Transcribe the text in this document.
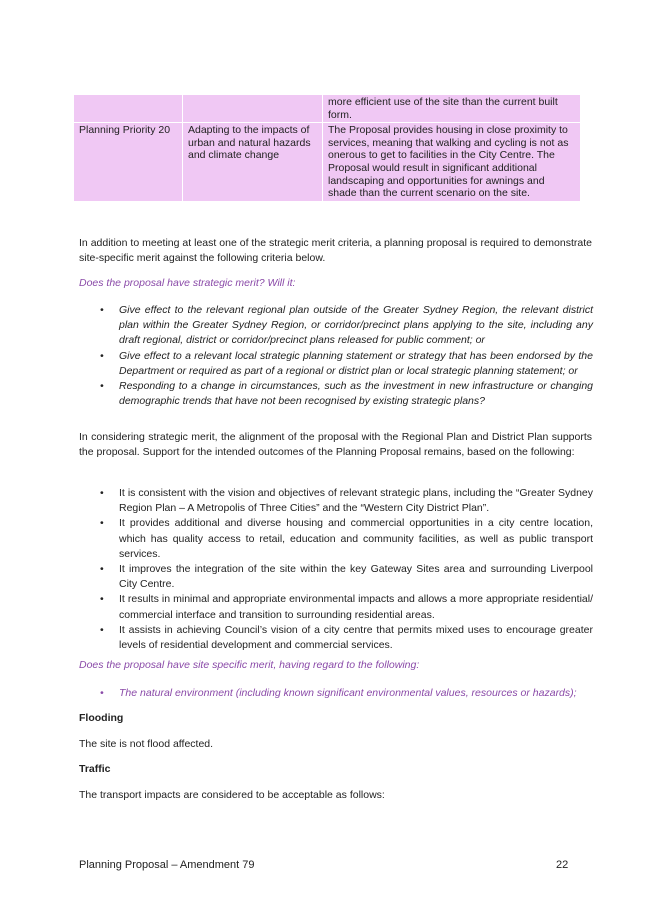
		more efficient use of the site than the current built form.
Planning Priority 20	Adapting to the impacts of urban and natural hazards and climate change	The Proposal provides housing in close proximity to services, meaning that walking and cycling is not as onerous to get to facilities in the City Centre. The Proposal would result in significant additional landscaping and opportunities for awnings and shade than the current scenario on the site.

In addition to meeting at least one of the strategic merit criteria, a planning proposal is required to demonstrate site-specific merit against the following criteria below.

Does the proposal have strategic merit? Will it:

• Give effect to the relevant regional plan outside of the Greater Sydney Region, the relevant district plan within the Greater Sydney Region, or corridor/precinct plans applying to the site, including any draft regional, district or corridor/precinct plans released for public comment; or
• Give effect to a relevant local strategic planning statement or strategy that has been endorsed by the Department or required as part of a regional or district plan or local strategic planning statement; or
• Responding to a change in circumstances, such as the investment in new infrastructure or changing demographic trends that have not been recognised by existing strategic plans?

In considering strategic merit, the alignment of the proposal with the Regional Plan and District Plan supports the proposal. Support for the intended outcomes of the Planning Proposal remains, based on the following:

• It is consistent with the vision and objectives of relevant strategic plans, including the “Greater Sydney Region Plan – A Metropolis of Three Cities” and the “Western City District Plan”.
• It provides additional and diverse housing and commercial opportunities in a city centre location, which has quality access to retail, education and community facilities, as well as public transport services.
• It improves the integration of the site within the key Gateway Sites area and surrounding Liverpool City Centre.
• It results in minimal and appropriate environmental impacts and allows a more appropriate residential/ commercial interface and transition to surrounding residential areas.
• It assists in achieving Council’s vision of a city centre that permits mixed uses to encourage greater levels of residential development and commercial services.

Does the proposal have site specific merit, having regard to the following:

• The natural environment (including known significant environmental values, resources or hazards);

Flooding

The site is not flood affected.

Traffic

The transport impacts are considered to be acceptable as follows:

Planning Proposal – Amendment 79	22
